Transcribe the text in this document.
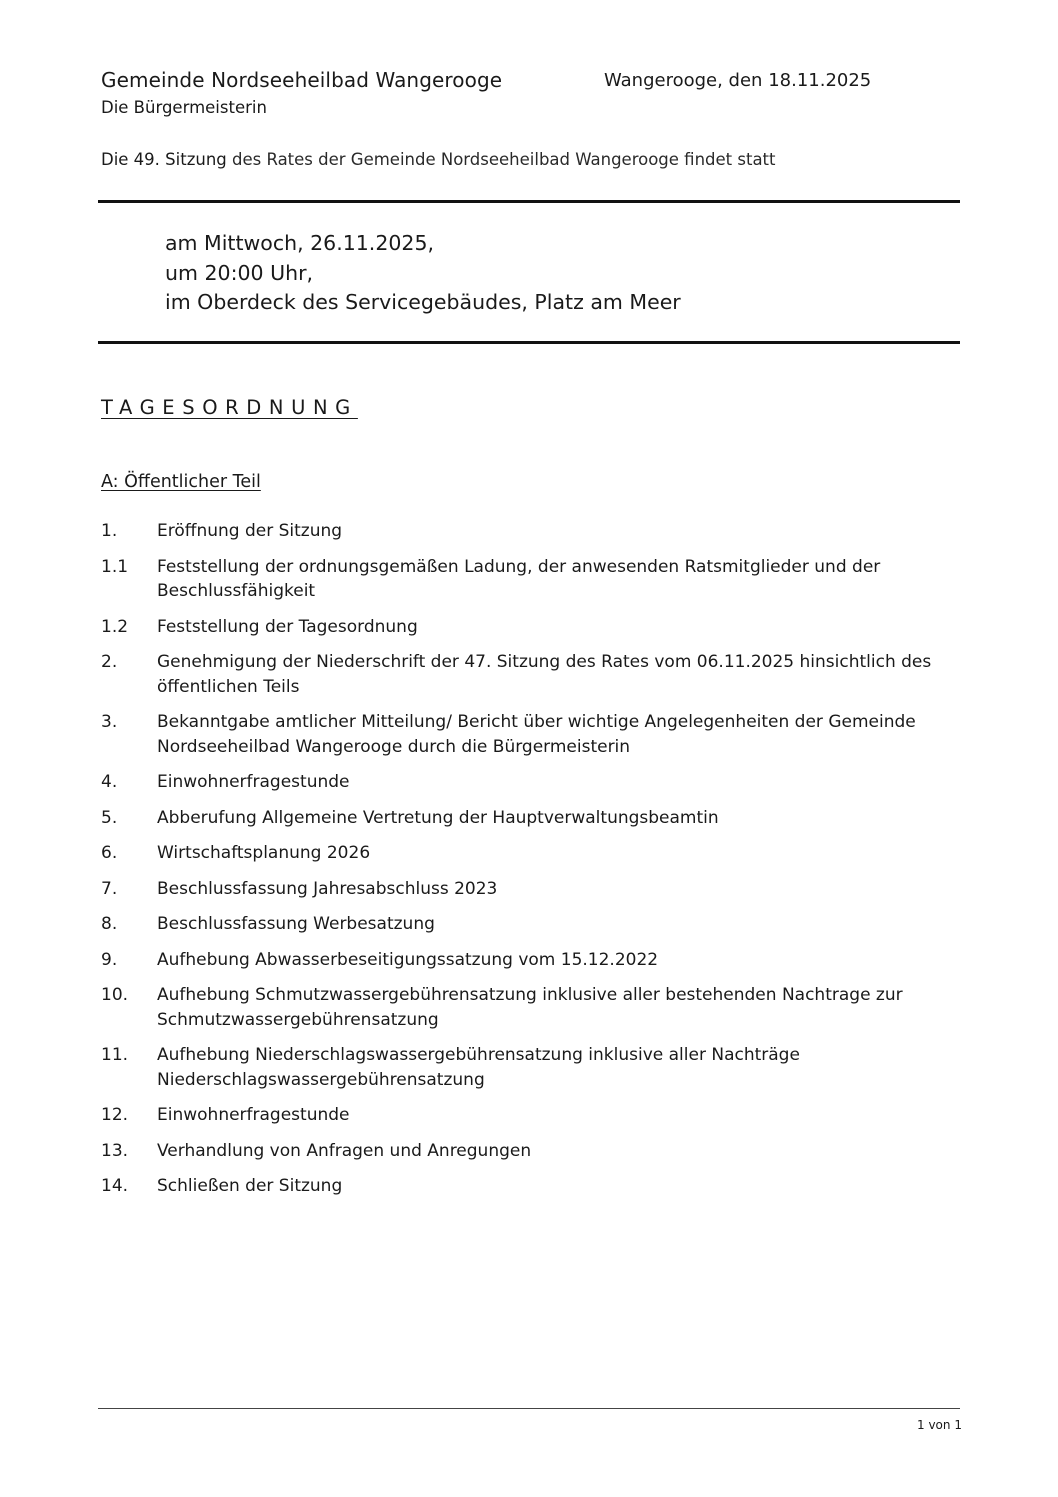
Gemeinde Nordseeheilbad Wangerooge	Wangerooge, den 18.11.2025
Die Bürgermeisterin
Die 49. Sitzung des Rates der Gemeinde Nordseeheilbad Wangerooge findet statt
am Mittwoch, 26.11.2025,
um 20:00 Uhr,
im Oberdeck des Servicegebäudes, Platz am Meer
TAGESORDNUNG
A: Öffentlicher Teil
1.	Eröffnung der Sitzung
1.1	Feststellung der ordnungsgemäßen Ladung, der anwesenden Ratsmitglieder und der Beschlussfähigkeit
1.2	Feststellung der Tagesordnung
2.	Genehmigung der Niederschrift der 47. Sitzung des Rates vom 06.11.2025 hinsichtlich des öffentlichen Teils
3.	Bekanntgabe amtlicher Mitteilung/ Bericht über wichtige Angelegenheiten der Gemeinde Nordseeheilbad Wangerooge durch die Bürgermeisterin
4.	Einwohnerfragestunde
5.	Abberufung Allgemeine Vertretung der Hauptverwaltungsbeamtin
6.	Wirtschaftsplanung 2026
7.	Beschlussfassung Jahresabschluss 2023
8.	Beschlussfassung Werbesatzung
9.	Aufhebung Abwasserbeseitigungssatzung vom 15.12.2022
10.	Aufhebung Schmutzwassergebührensatzung inklusive aller bestehenden Nachtrage zur Schmutzwassergebührensatzung
11.	Aufhebung Niederschlagswassergebührensatzung inklusive aller Nachträge Niederschlagswassergebührensatzung
12.	Einwohnerfragestunde
13.	Verhandlung von Anfragen und Anregungen
14.	Schließen der Sitzung
1 von 1
